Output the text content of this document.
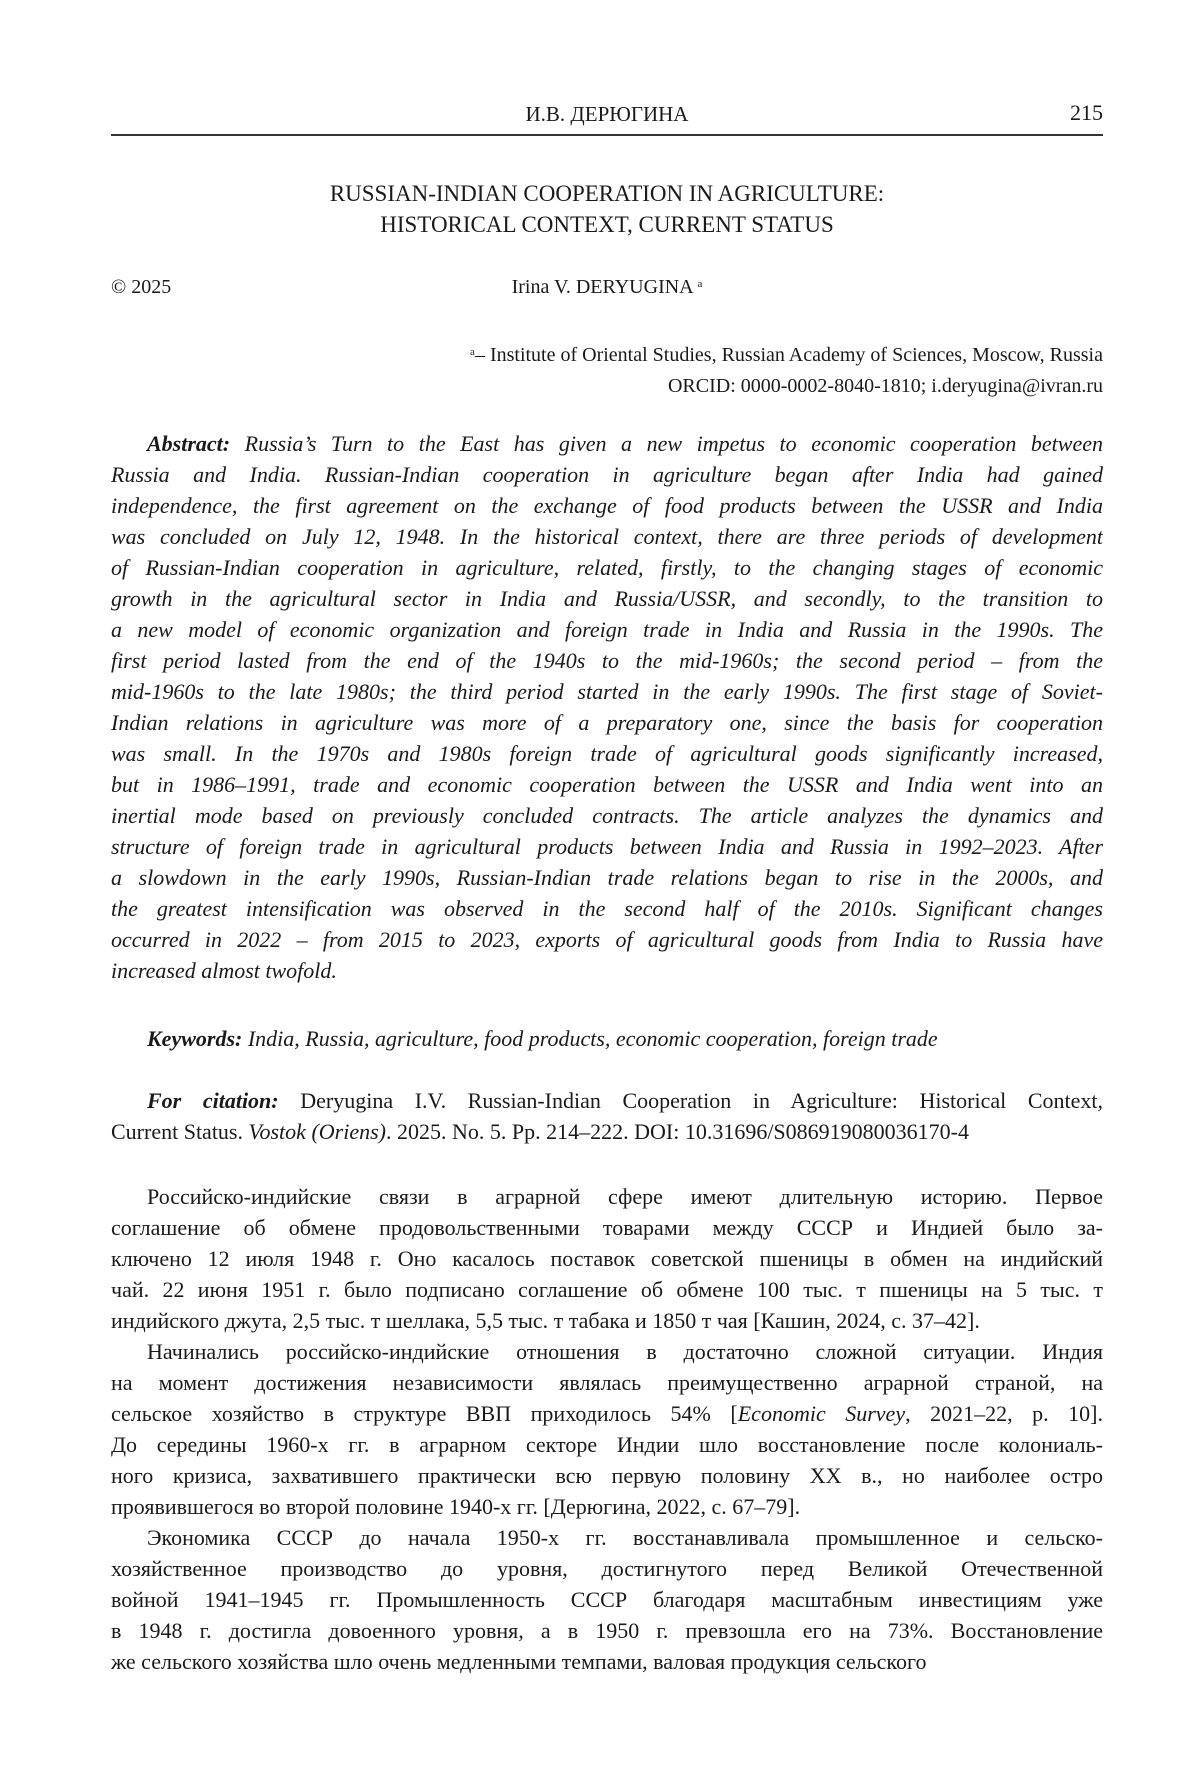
И.В. ДЕРЮГИНА	215
RUSSIAN-INDIAN COOPERATION IN AGRICULTURE:
HISTORICAL CONTEXT, CURRENT STATUS
© 2025	Irina V. DERYUGINA a
a– Institute of Oriental Studies, Russian Academy of Sciences, Moscow, Russia
ORCID: 0000-0002-8040-1810; i.deryugina@ivran.ru
Abstract: Russia’s Turn to the East has given a new impetus to economic cooperation between
Russia and India. Russian-Indian cooperation in agriculture began after India had gained
independence, the first agreement on the exchange of food products between the USSR and India
was concluded on July 12, 1948. In the historical context, there are three periods of development
of Russian-Indian cooperation in agriculture, related, firstly, to the changing stages of economic
growth in the agricultural sector in India and Russia/USSR, and secondly, to the transition to
a new model of economic organization and foreign trade in India and Russia in the 1990s. The
first period lasted from the end of the 1940s to the mid-1960s; the second period – from the
mid-1960s to the late 1980s; the third period started in the early 1990s. The first stage of Soviet-
Indian relations in agriculture was more of a preparatory one, since the basis for cooperation
was small. In the 1970s and 1980s foreign trade of agricultural goods significantly increased,
but in 1986–1991, trade and economic cooperation between the USSR and India went into an
inertial mode based on previously concluded contracts. The article analyzes the dynamics and
structure of foreign trade in agricultural products between India and Russia in 1992–2023. After
a slowdown in the early 1990s, Russian-Indian trade relations began to rise in the 2000s, and
the greatest intensification was observed in the second half of the 2010s. Significant changes
occurred in 2022 – from 2015 to 2023, exports of agricultural goods from India to Russia have
increased almost twofold.
Keywords: India, Russia, agriculture, food products, economic cooperation, foreign trade
For citation: Deryugina I.V. Russian-Indian Cooperation in Agriculture: Historical Context,
Current Status. Vostok (Oriens). 2025. No. 5. Pp. 214–222. DOI: 10.31696/S086919080036170-4
Российско-индийские связи в аграрной сфере имеют длительную историю. Первое
соглашение об обмене продовольственными товарами между СССР и Индией было за-
ключено 12 июля 1948 г. Оно касалось поставок советской пшеницы в обмен на индийский
чай. 22 июня 1951 г. было подписано соглашение об обмене 100 тыс. т пшеницы на 5 тыс. т
индийского джута, 2,5 тыс. т шеллака, 5,5 тыс. т табака и 1850 т чая [Кашин, 2024, с. 37–42].
Начинались российско-индийские отношения в достаточно сложной ситуации. Индия
на момент достижения независимости являлась преимущественно аграрной страной, на
сельское хозяйство в структуре ВВП приходилось 54% [Economic Survey, 2021–22, p. 10].
До середины 1960-х гг. в аграрном секторе Индии шло восстановление после колониаль-
ного кризиса, захватившего практически всю первую половину XX в., но наиболее остро
проявившегося во второй половине 1940-х гг. [Дерюгина, 2022, с. 67–79].
Экономика СССР до начала 1950-х гг. восстанавливала промышленное и сельско-
хозяйственное производство до уровня, достигнутого перед Великой Отечественной
войной 1941–1945 гг. Промышленность СССР благодаря масштабным инвестициям уже
в 1948 г. достигла довоенного уровня, а в 1950 г. превзошла его на 73%. Восстановление
же сельского хозяйства шло очень медленными темпами, валовая продукция сельского
